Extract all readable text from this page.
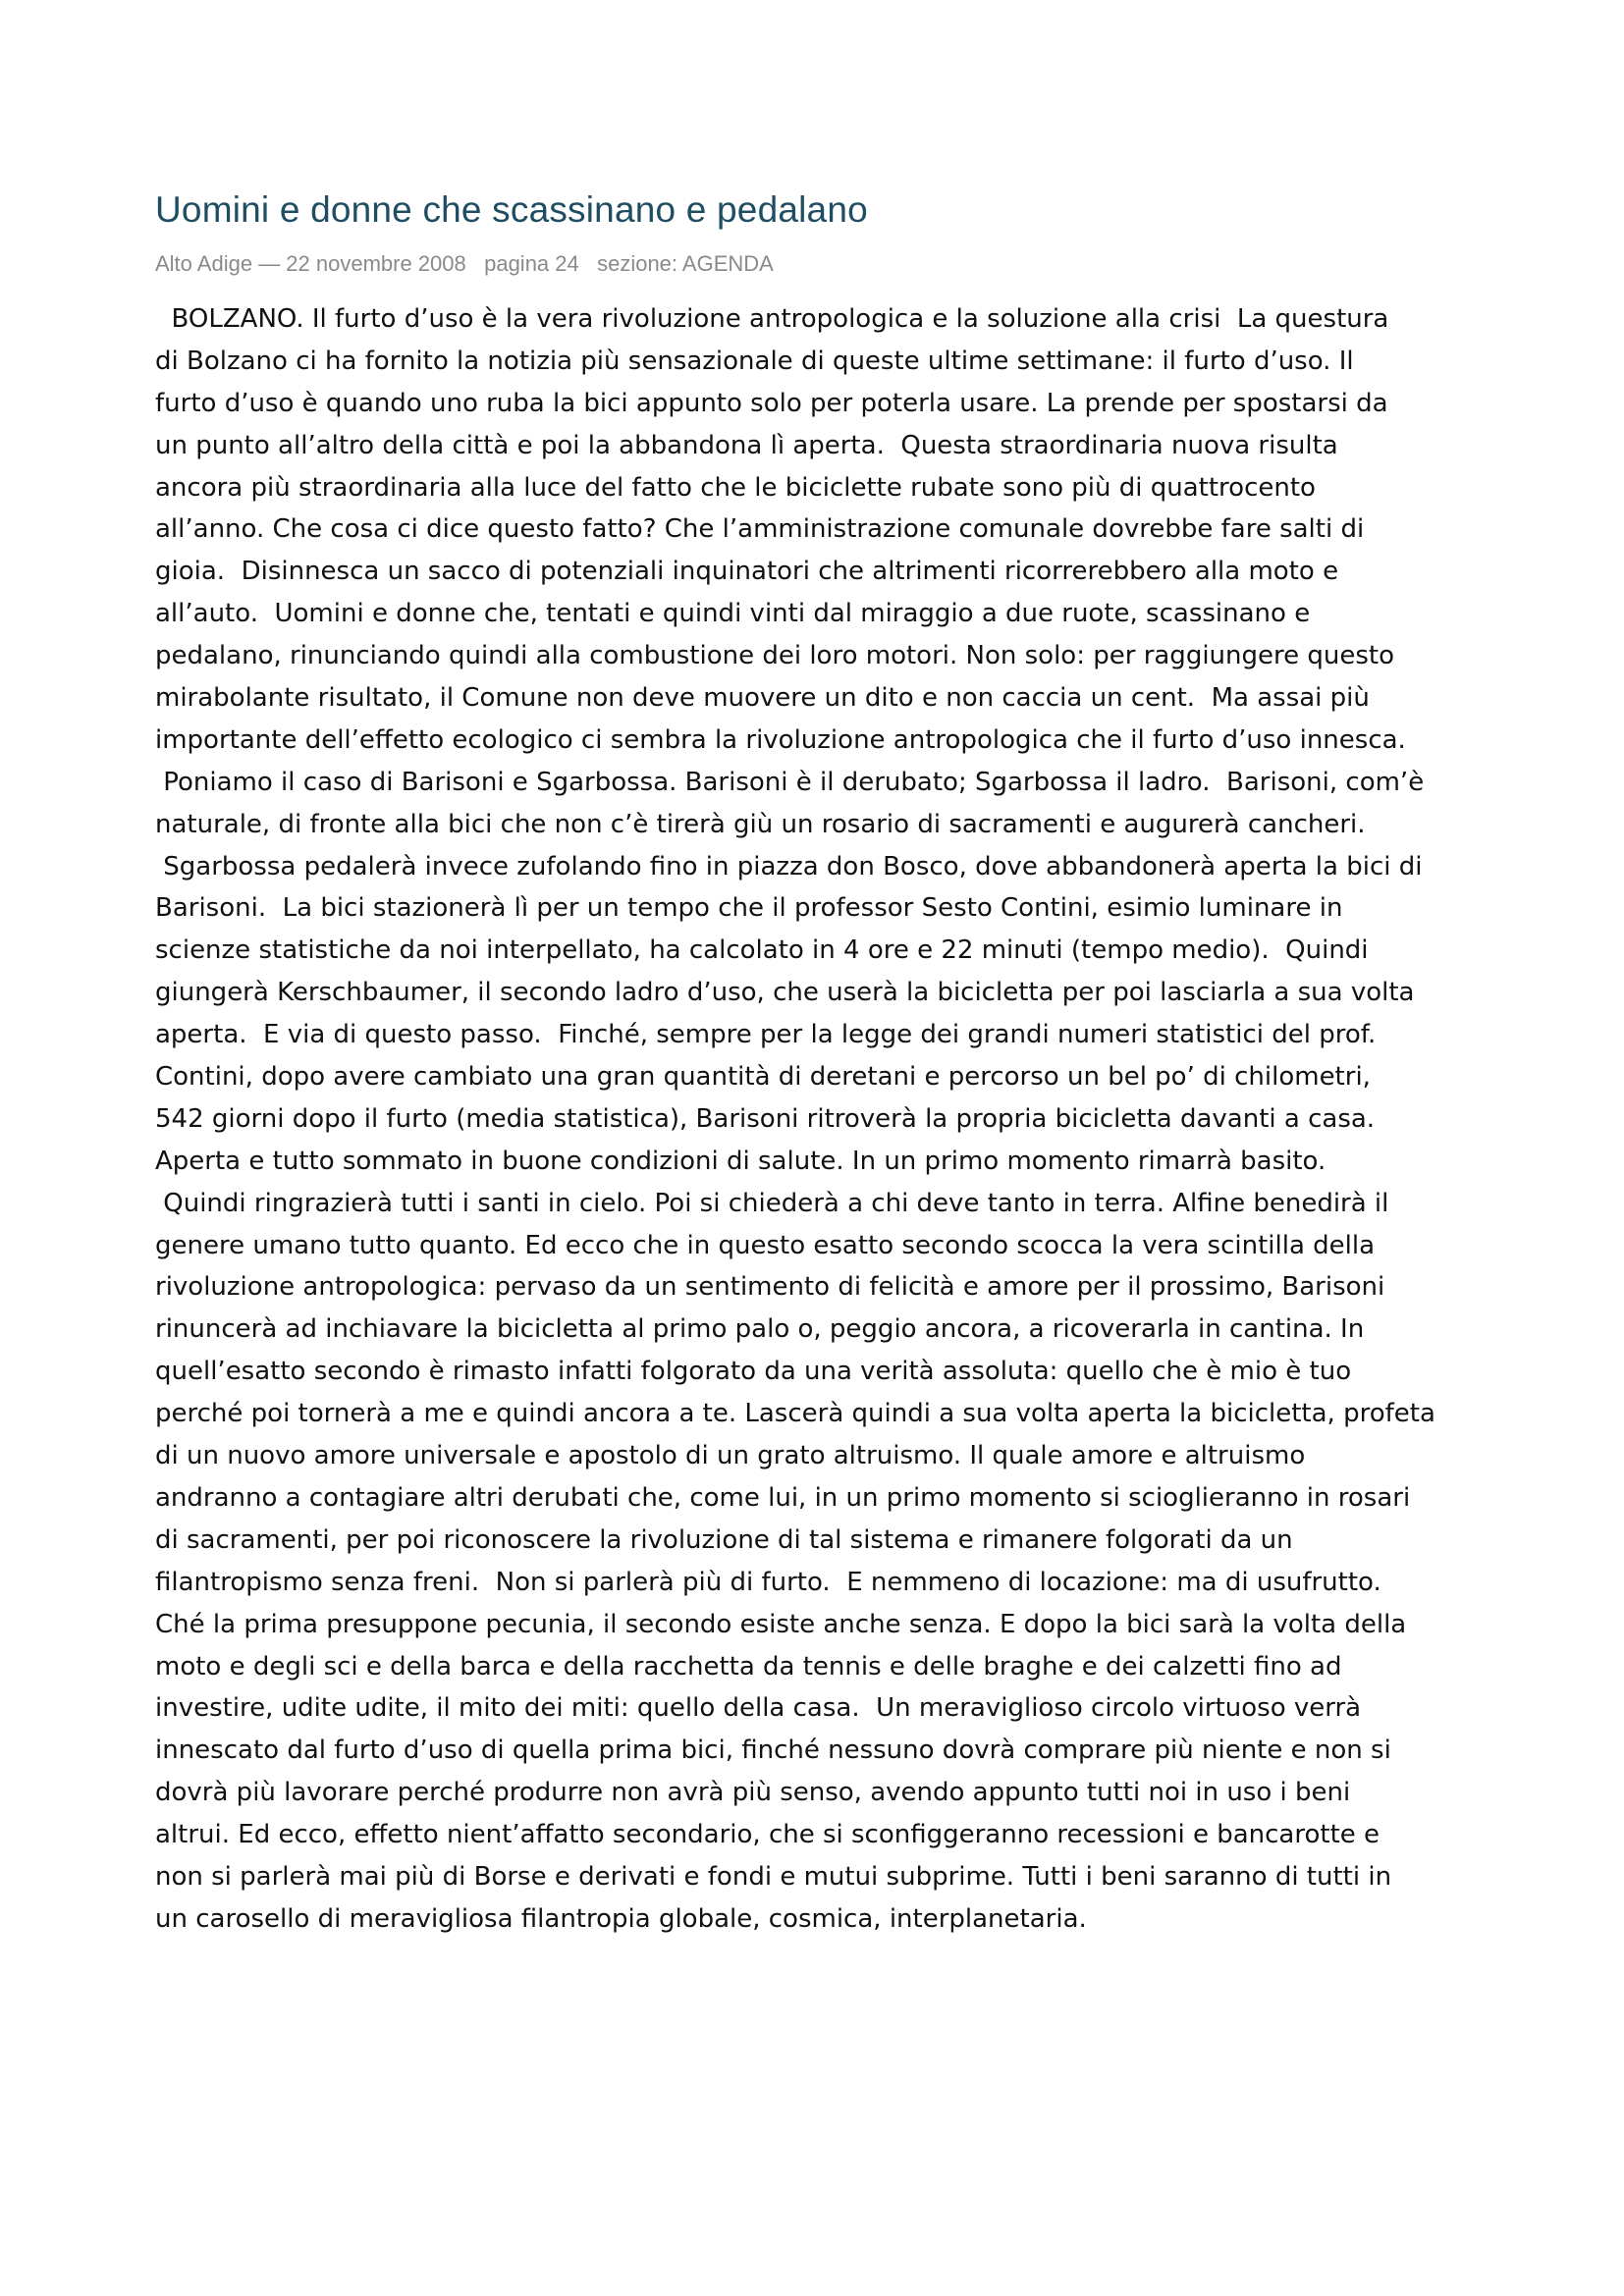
Uomini e donne che scassinano e pedalano
Alto Adige — 22 novembre 2008   pagina 24   sezione: AGENDA
BOLZANO. Il furto d’uso è la vera rivoluzione antropologica e la soluzione alla crisi  La questura
di Bolzano ci ha fornito la notizia più sensazionale di queste ultime settimane: il furto d’uso. Il
furto d’uso è quando uno ruba la bici appunto solo per poterla usare. La prende per spostarsi da
un punto all’altro della città e poi la abbandona lì aperta.  Questa straordinaria nuova risulta
ancora più straordinaria alla luce del fatto che le biciclette rubate sono più di quattrocento
all’anno. Che cosa ci dice questo fatto? Che l’amministrazione comunale dovrebbe fare salti di
gioia.  Disinnesca un sacco di potenziali inquinatori che altrimenti ricorrerebbero alla moto e
all’auto.  Uomini e donne che, tentati e quindi vinti dal miraggio a due ruote, scassinano e
pedalano, rinunciando quindi alla combustione dei loro motori. Non solo: per raggiungere questo
mirabolante risultato, il Comune non deve muovere un dito e non caccia un cent.  Ma assai più
importante dell’effetto ecologico ci sembra la rivoluzione antropologica che il furto d’uso innesca.
Poniamo il caso di Barisoni e Sgarbossa. Barisoni è il derubato; Sgarbossa il ladro.  Barisoni, com’è
naturale, di fronte alla bici che non c’è tirerà giù un rosario di sacramenti e augurerà cancheri.
Sgarbossa pedalerà invece zufolando fino in piazza don Bosco, dove abbandonerà aperta la bici di
Barisoni.  La bici stazionerà lì per un tempo che il professor Sesto Contini, esimio luminare in
scienze statistiche da noi interpellato, ha calcolato in 4 ore e 22 minuti (tempo medio).  Quindi
giungerà Kerschbaumer, il secondo ladro d’uso, che userà la bicicletta per poi lasciarla a sua volta
aperta.  E via di questo passo.  Finché, sempre per la legge dei grandi numeri statistici del prof.
Contini, dopo avere cambiato una gran quantità di deretani e percorso un bel po’ di chilometri,
542 giorni dopo il furto (media statistica), Barisoni ritroverà la propria bicicletta davanti a casa.
Aperta e tutto sommato in buone condizioni di salute. In un primo momento rimarrà basito.
Quindi ringrazierà tutti i santi in cielo. Poi si chiederà a chi deve tanto in terra. Alfine benedirà il
genere umano tutto quanto. Ed ecco che in questo esatto secondo scocca la vera scintilla della
rivoluzione antropologica: pervaso da un sentimento di felicità e amore per il prossimo, Barisoni
rinuncerà ad inchiavare la bicicletta al primo palo o, peggio ancora, a ricoverarla in cantina. In
quell’esatto secondo è rimasto infatti folgorato da una verità assoluta: quello che è mio è tuo
perché poi tornerà a me e quindi ancora a te. Lascerà quindi a sua volta aperta la bicicletta, profeta
di un nuovo amore universale e apostolo di un grato altruismo. Il quale amore e altruismo
andranno a contagiare altri derubati che, come lui, in un primo momento si scioglieranno in rosari
di sacramenti, per poi riconoscere la rivoluzione di tal sistema e rimanere folgorati da un
filantropismo senza freni.  Non si parlerà più di furto.  E nemmeno di locazione: ma di usufrutto.
Ché la prima presuppone pecunia, il secondo esiste anche senza. E dopo la bici sarà la volta della
moto e degli sci e della barca e della racchetta da tennis e delle braghe e dei calzetti fino ad
investire, udite udite, il mito dei miti: quello della casa.  Un meraviglioso circolo virtuoso verrà
innescato dal furto d’uso di quella prima bici, finché nessuno dovrà comprare più niente e non si
dovrà più lavorare perché produrre non avrà più senso, avendo appunto tutti noi in uso i beni
altrui. Ed ecco, effetto nient’affatto secondario, che si sconfiggeranno recessioni e bancarotte e
non si parlerà mai più di Borse e derivati e fondi e mutui subprime. Tutti i beni saranno di tutti in
un carosello di meravigliosa filantropia globale, cosmica, interplanetaria.
